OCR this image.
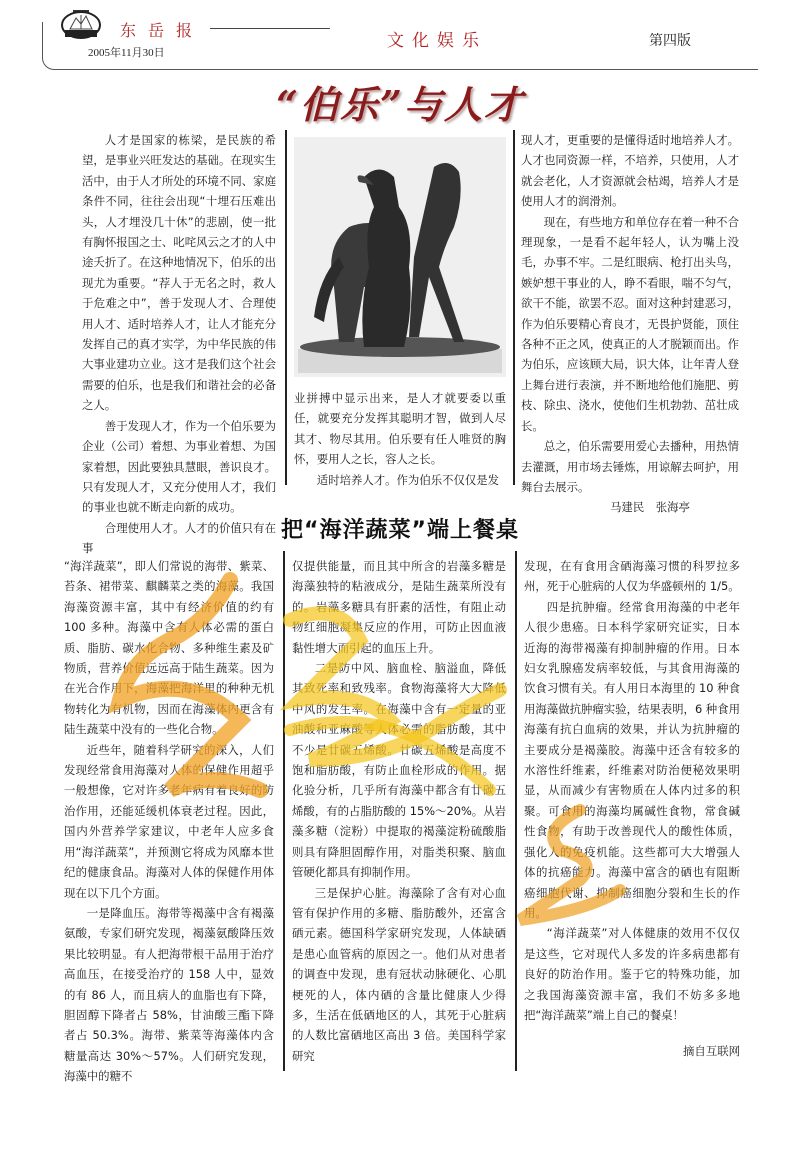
东岳报
2005年11月30日
文化娱乐	第四版
“伯乐”与人才

人才是国家的栋梁，是民族的希望，是事业兴旺发达的基础。在现实生活中，由于人才所处的环境不同、家庭条件不同，往往会出现“十埋石压难出头，人才埋没几十休”的悲剧，使一批有胸怀报国之士、叱咤风云之才的人中途夭折了。在这种地情况下，伯乐的出现尤为重要。“荐人于无名之时，救人于危难之中”，善于发现人才、合理使用人才、适时培养人才，让人才能充分发挥自己的真才实学，为中华民族的伟大事业建功立业。这才是我们这个社会需要的伯乐，也是我们和谐社会的必备之人。

善于发现人才，作为一个伯乐要为企业（公司）着想、为事业着想、为国家着想，因此要独具慧眼，善识良才。只有发现人才，又充分使用人才，我们的事业也就不断走向新的成功。

合理使用人才。人才的价值只有在事

业拼搏中显示出来，是人才就要委以重任，就要充分发挥其聪明才智，做到人尽其才、物尽其用。伯乐要有任人唯贤的胸怀，要用人之长，容人之长。

适时培养人才。作为伯乐不仅仅是发

现人才，更重要的是懂得适时地培养人才。人才也同资源一样，不培养，只使用，人才就会老化，人才资源就会枯竭，培养人才是使用人才的润滑剂。

现在，有些地方和单位存在着一种不合理现象，一是看不起年轻人，认为嘴上没毛，办事不牢。二是红眼病、枪打出头鸟，嫉妒想干事业的人，睁不看眼，喘不匀气，欲干不能，欲罢不忍。面对这种封建恶习，作为伯乐要精心育良才，无畏护贤能，顶住各种不正之风，使真正的人才脱颖而出。作为伯乐，应该顾大局，识大体，让年青人登上舞台进行表演，并不断地给他们施肥、剪枝、除虫、浇水，使他们生机勃勃、茁壮成长。

总之，伯乐需要用爱心去播种，用热情去灌溉，用市场去锤炼，用谅解去呵护，用舞台去展示。

马建民　张海亭

把“海洋蔬菜”端上餐桌

“海洋蔬菜”，即人们常说的海带、紫菜、苔条、裙带菜、麒麟菜之类的海藻。我国海藻资源丰富，其中有经济价值的约有 100 多种。海藻中含有人体必需的蛋白质、脂肪、碳水化合物、多种维生素及矿物质，营养价值远远高于陆生蔬菜。因为在光合作用下，海藻把海洋里的种种无机物转化为有机物，因而在海藻体内更含有陆生蔬菜中没有的一些化合物。

近些年，随着科学研究的深入，人们发现经常食用海藻对人体的保健作用超乎一般想像，它对许多老年病有着良好的防治作用，还能延缓机体衰老过程。因此，国内外营养学家建议，中老年人应多食用“海洋蔬菜”，并预测它将成为风靡本世纪的健康食品。海藻对人体的保健作用体现在以下几个方面。

一是降血压。海带等褐藻中含有褐藻氨酸，专家们研究发现，褐藻氨酸降压效果比较明显。有人把海带根干品用于治疗高血压，在接受治疗的 158 人中，显效的有 86 人，而且病人的血脂也有下降，胆固醇下降者占 58%，甘油酸三酯下降者占 50.3%。海带、紫菜等海藻体内含糖量高达 30%～57%。人们研究发现，海藻中的糖不

仅提供能量，而且其中所含的岩藻多糖是海藻独特的粘液成分，是陆生蔬菜所没有的。岩藻多糖具有肝素的活性，有阻止动物红细胞凝集反应的作用，可防止因血液黏性增大而引起的血压上升。

二是防中风、脑血栓、脑溢血，降低其致死率和致残率。食物海藻将大大降低中风的发生率。在海藻中含有一定量的亚油酸和亚麻酸等人体必需的脂肪酸，其中不少是廿碳五烯酸。廿碳五烯酸是高度不饱和脂肪酸，有防止血栓形成的作用。据化验分析，几乎所有海藻中都含有廿碳五烯酸，有的占脂肪酸的 15%～20%。从岩藻多糖（淀粉）中提取的褐藻淀粉硫酸脂则具有降胆固醇作用，对脂类积聚、脑血管硬化都具有抑制作用。

三是保护心脏。海藻除了含有对心血管有保护作用的多糖、脂肪酸外，还富含硒元素。德国科学家研究发现，人体缺硒是患心血管病的原因之一。他们从对患者的调查中发现，患有冠状动脉硬化、心肌梗死的人，体内硒的含量比健康人少得多，生活在低硒地区的人，其死于心脏病的人数比富硒地区高出 3 倍。美国科学家研究

发现，在有食用含硒海藻习惯的科罗拉多州，死于心脏病的人仅为华盛顿州的 1/5。

四是抗肿瘤。经常食用海藻的中老年人很少患癌。日本科学家研究证实，日本近海的海带褐藻有抑制肿瘤的作用。日本妇女乳腺癌发病率较低，与其食用海藻的饮食习惯有关。有人用日本海里的 10 种食用海藻做抗肿瘤实验，结果表明，6 种食用海藻有抗白血病的效果，并认为抗肿瘤的主要成分是褐藻胶。海藻中还含有较多的水溶性纤维素，纤维素对防治便秘效果明显，从而减少有害物质在人体内过多的积聚。可食用的海藻均属碱性食物，常食碱性食物，有助于改善现代人的酸性体质，强化人的免疫机能。这些都可大大增强人体的抗癌能力。海藻中富含的硒也有阻断癌细胞代谢、抑制癌细胞分裂和生长的作用。

“海洋蔬菜”对人体健康的效用不仅仅是这些，它对现代人多发的许多病患都有良好的防治作用。鉴于它的特殊功能，加之我国海藻资源丰富，我们不妨多多地把“海洋蔬菜”端上自己的餐桌！

摘自互联网
